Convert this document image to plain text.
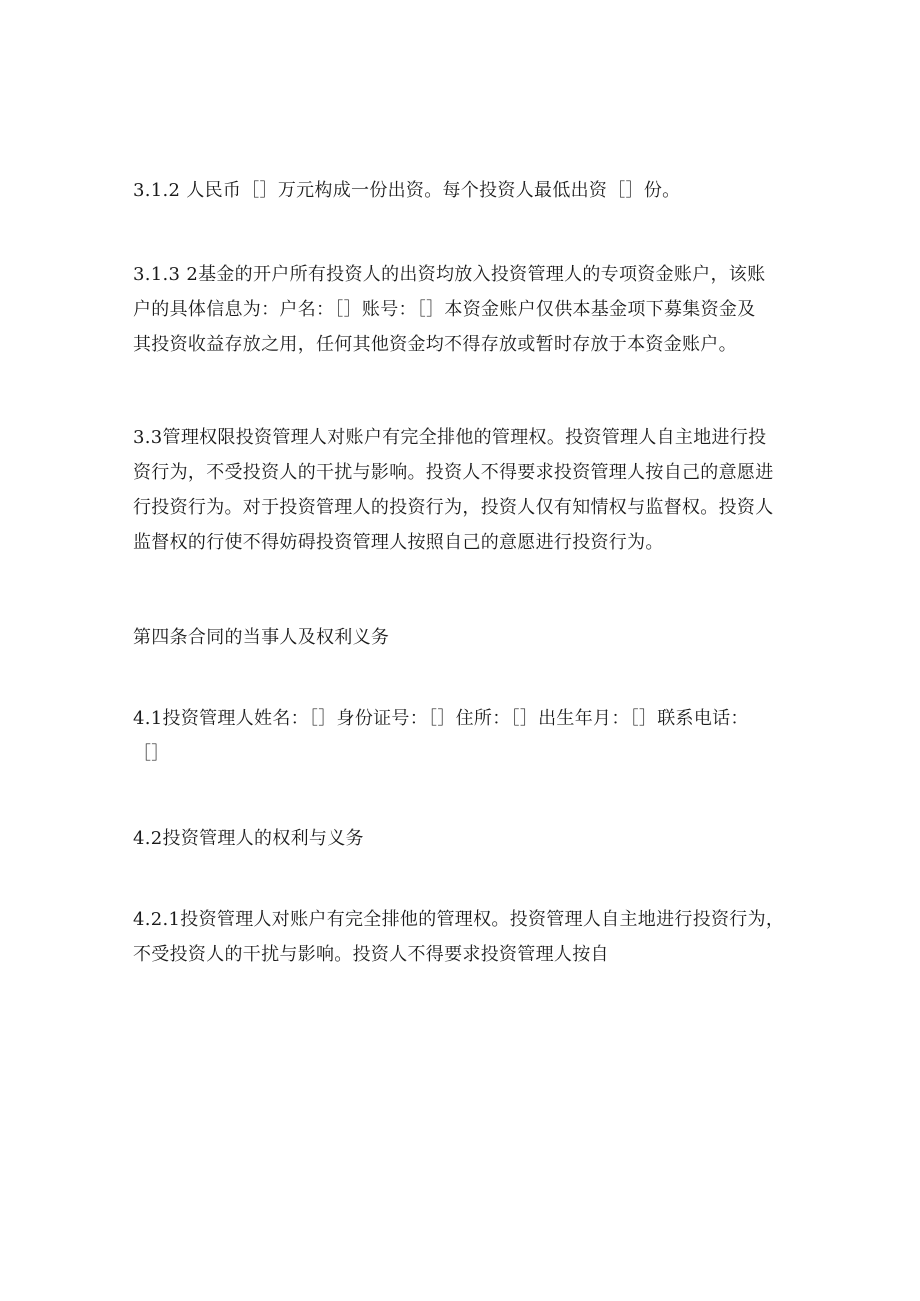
3.1.2 人民币［］万元构成一份出资。每个投资人最低出资［］份。
3.1.3 2基金的开户所有投资人的出资均放入投资管理人的专项资金账户，该账
户的具体信息为：户名：［］账号：［］本资金账户仅供本基金项下募集资金及
其投资收益存放之用，任何其他资金均不得存放或暂时存放于本资金账户。
3.3管理权限投资管理人对账户有完全排他的管理权。投资管理人自主地进行投
资行为，不受投资人的干扰与影响。投资人不得要求投资管理人按自己的意愿进
行投资行为。对于投资管理人的投资行为，投资人仅有知情权与监督权。投资人
监督权的行使不得妨碍投资管理人按照自己的意愿进行投资行为。
第四条合同的当事人及权利义务
4.1投资管理人姓名：［］身份证号：［］住所：［］出生年月：［］联系电话：
［］
4.2投资管理人的权利与义务
4.2.1投资管理人对账户有完全排他的管理权。投资管理人自主地进行投资行为，
不受投资人的干扰与影响。投资人不得要求投资管理人按自
